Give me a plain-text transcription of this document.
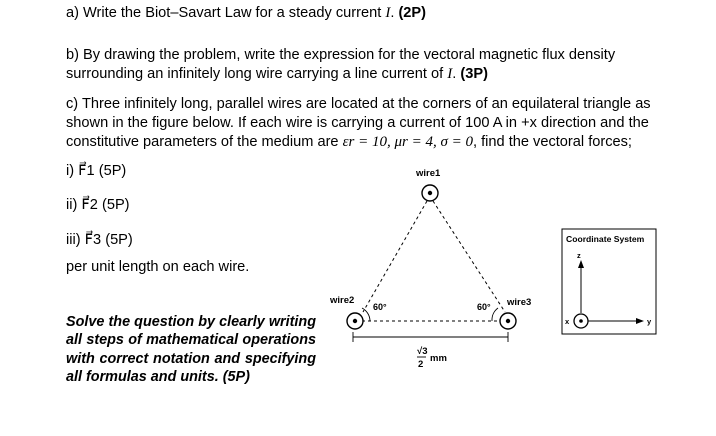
a) Write the Biot–Savart Law for a steady current I. (2P)
b) By drawing the problem, write the expression for the vectoral magnetic flux density
surrounding an infinitely long wire carrying a line current of I. (3P)
c) Three infinitely long, parallel wires are located at the corners of an equilateral triangle as
shown in the figure below. If each wire is carrying a current of 100 A in +x direction and the
constitutive parameters of the medium are εr = 10, μr = 4, σ = 0, find the vectoral forces;
i) F⃗1 (5P)
ii) F⃗2 (5P)
iii) F⃗3 (5P)
per unit length on each wire.
Solve the question by clearly writing all steps of mathematical operations with correct notation and specifying all formulas and units. (5P)
wire1
wire2	wire3
60°	60°
√3
2
mm
Coordinate System
z
y
x
